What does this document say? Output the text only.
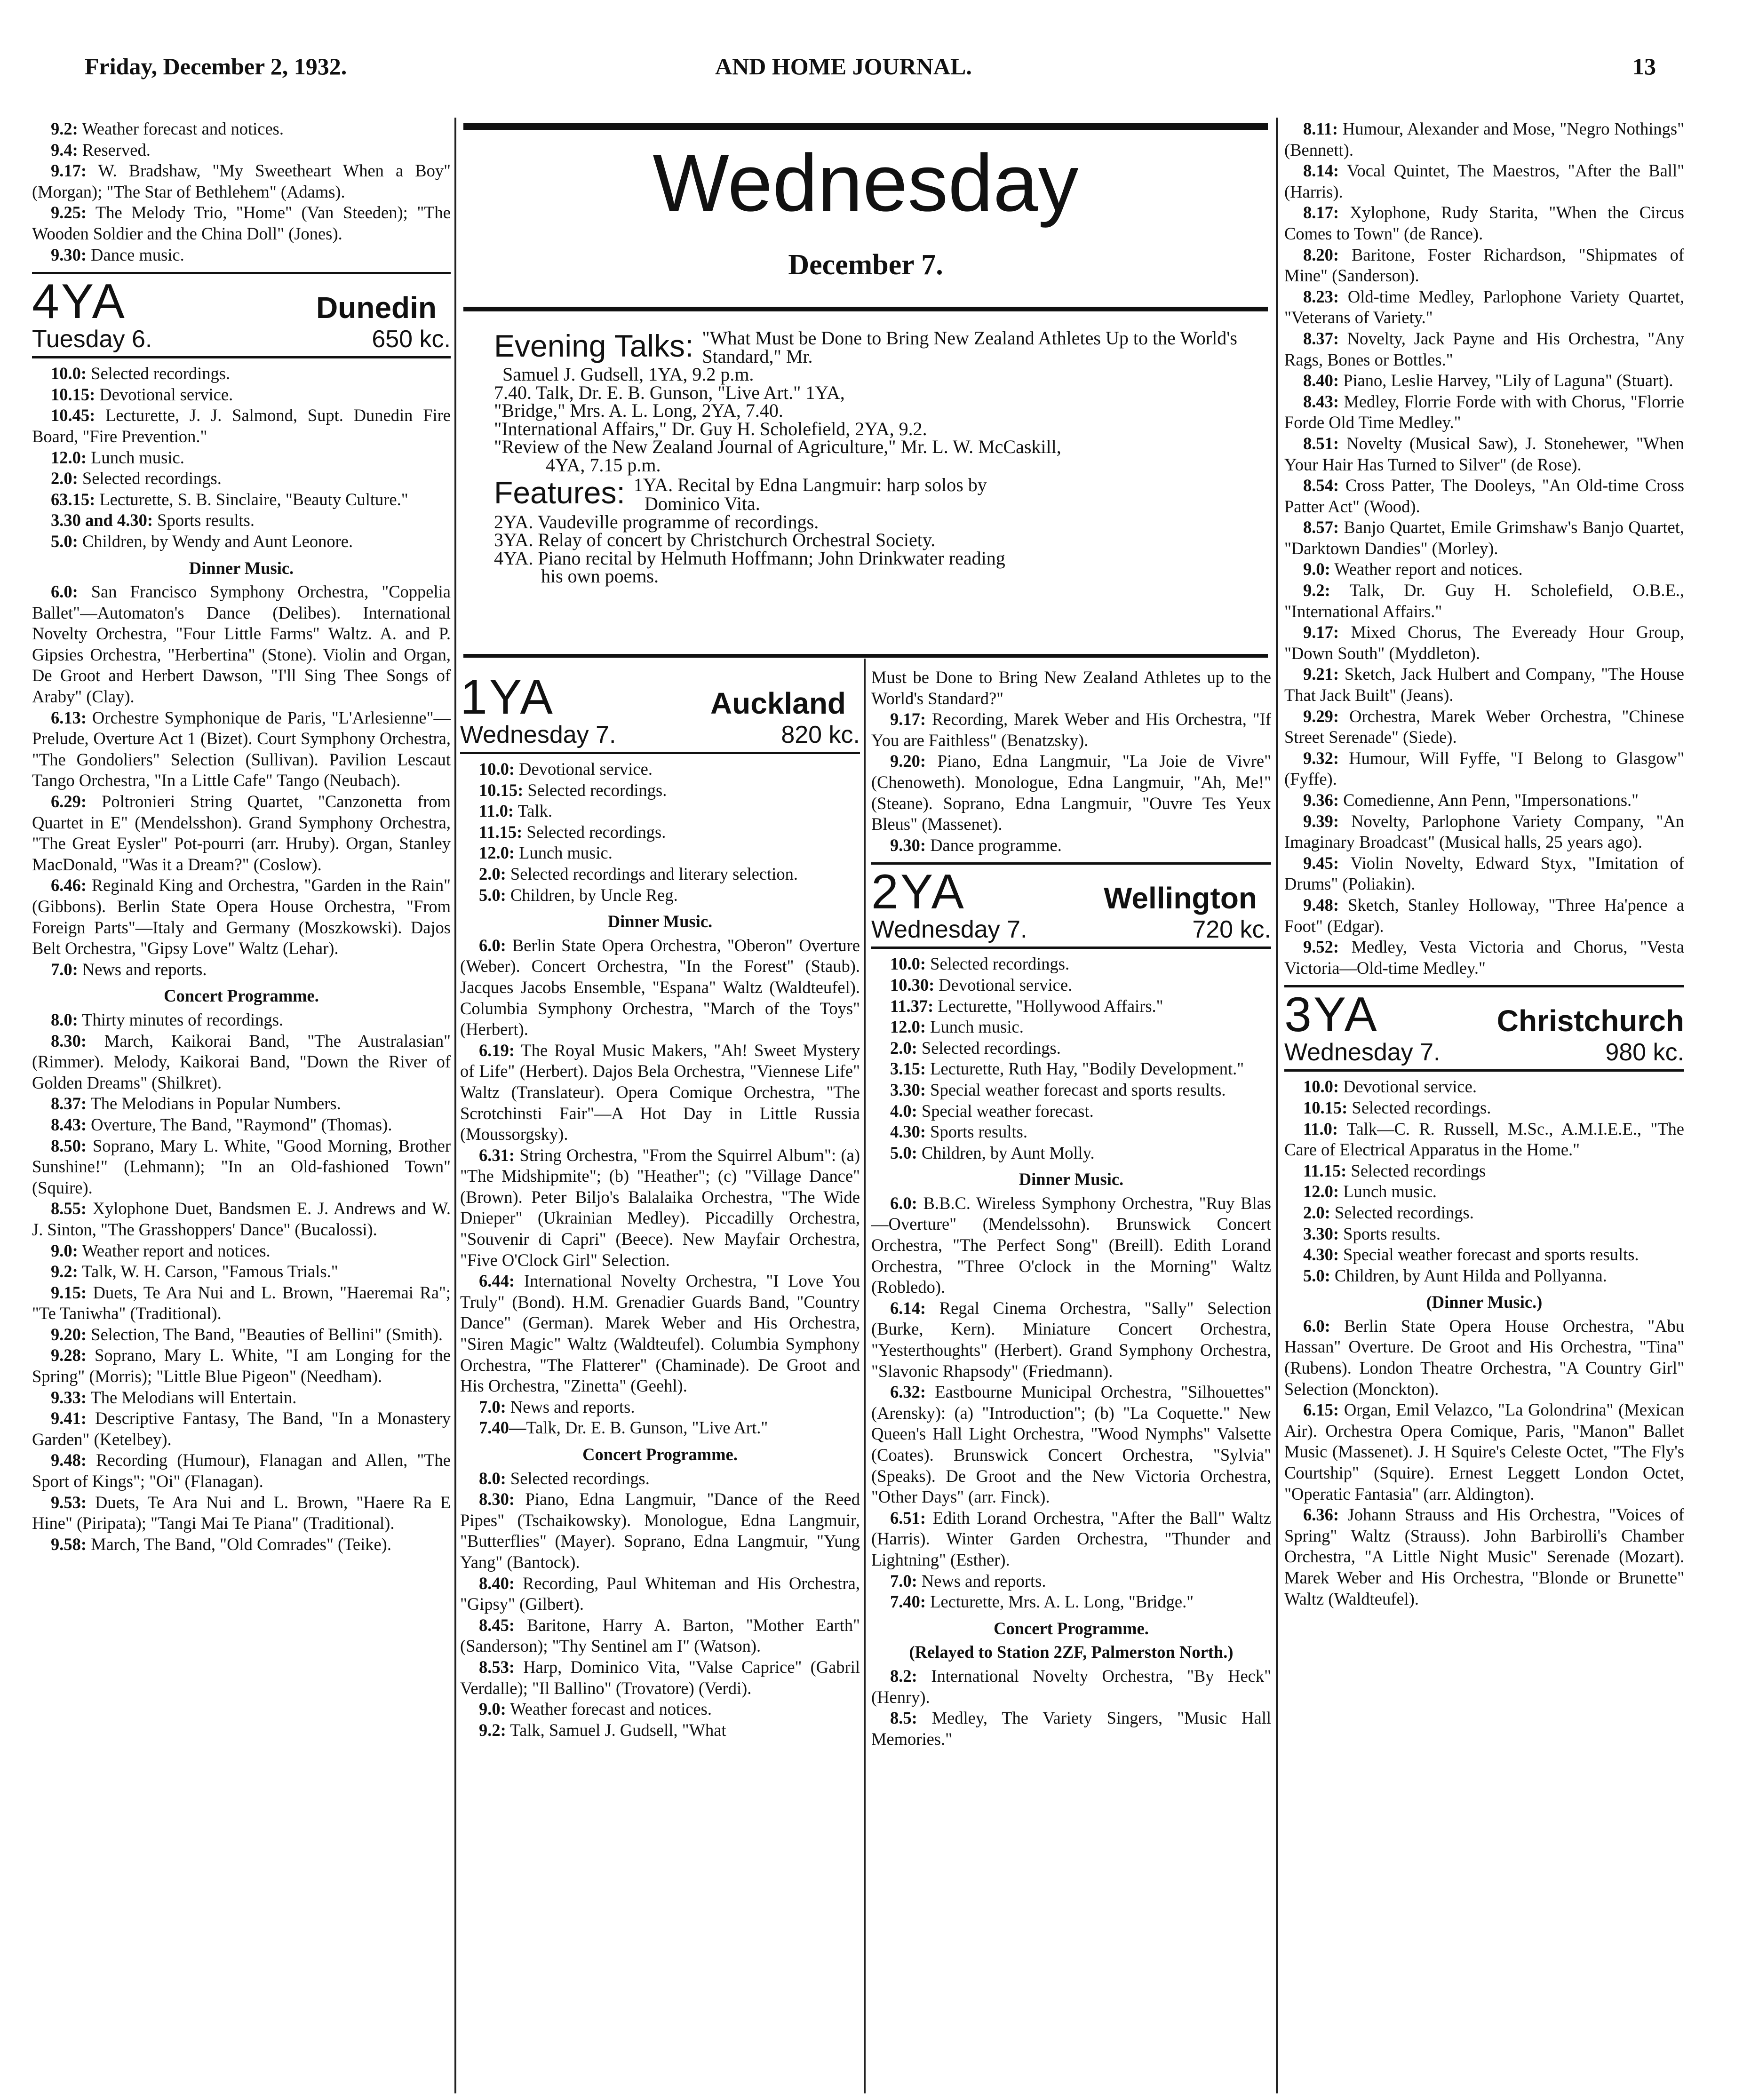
Friday, December 2, 1932.	AND HOME JOURNAL.	13
Wednesday
December 7.
Evening Talks: "What Must be Done to Bring New Zealand Athletes Up to the World's Standard," Mr.
Samuel J. Gudsell, 1YA, 9.2 p.m.
7.40. Talk, Dr. E. B. Gunson, "Live Art." 1YA,
"Bridge," Mrs. A. L. Long, 2YA, 7.40.
"International Affairs," Dr. Guy H. Scholefield, 2YA, 9.2.
"Review of the New Zealand Journal of Agriculture," Mr. L. W. McCaskill,
4YA, 7.15 p.m.
Features: 1YA. Recital by Edna Langmuir: harp solos by
Dominico Vita.
2YA. Vaudeville programme of recordings.
3YA. Relay of concert by Christchurch Orchestral Society.
4YA. Piano recital by Helmuth Hoffmann; John Drinkwater reading
his own poems.
9.2: Weather forecast and notices.
9.4: Reserved.
9.17: W. Bradshaw, "My Sweetheart When a Boy" (Morgan); "The Star of Bethlehem" (Adams).
9.25: The Melody Trio, "Home" (Van Steeden); "The Wooden Soldier and the China Doll" (Jones).
9.30: Dance music.
4YA	Dunedin
Tuesday 6.	650 kc.
10.0: Selected recordings.
10.15: Devotional service.
10.45: Lecturette, J. J. Salmond, Supt. Dunedin Fire Board, "Fire Prevention."
12.0: Lunch music.
2.0: Selected recordings.
63.15: Lecturette, S. B. Sinclaire, "Beauty Culture."
3.30 and 4.30: Sports results.
5.0: Children, by Wendy and Aunt Leonore.
Dinner Music.
6.0: San Francisco Symphony Orchestra, "Coppelia Ballet"—Automaton's Dance (Delibes). International Novelty Orchestra, "Four Little Farms" Waltz. A. and P. Gipsies Orchestra, "Herbertina" (Stone). Violin and Organ, De Groot and Herbert Dawson, "I'll Sing Thee Songs of Araby" (Clay).
6.13: Orchestre Symphonique de Paris, "L'Arlesienne"—Prelude, Overture Act 1 (Bizet). Court Symphony Orchestra, "The Gondoliers" Selection (Sullivan). Pavilion Lescaut Tango Orchestra, "In a Little Cafe" Tango (Neubach).
6.29: Poltronieri String Quartet, "Canzonetta from Quartet in E" (Mendelsshon). Grand Symphony Orchestra, "The Great Eysler" Pot-pourri (arr. Hruby). Organ, Stanley MacDonald, "Was it a Dream?" (Coslow).
6.46: Reginald King and Orchestra, "Garden in the Rain" (Gibbons). Berlin State Opera House Orchestra, "From Foreign Parts"—Italy and Germany (Moszkowski). Dajos Belt Orchestra, "Gipsy Love" Waltz (Lehar).
7.0: News and reports.
Concert Programme.
8.0: Thirty minutes of recordings.
8.30: March, Kaikorai Band, "The Australasian" (Rimmer). Melody, Kaikorai Band, "Down the River of Golden Dreams" (Shilkret).
8.37: The Melodians in Popular Numbers.
8.43: Overture, The Band, "Raymond" (Thomas).
8.50: Soprano, Mary L. White, "Good Morning, Brother Sunshine!" (Lehmann); "In an Old-fashioned Town" (Squire).
8.55: Xylophone Duet, Bandsmen E. J. Andrews and W. J. Sinton, "The Grasshoppers' Dance" (Bucalossi).
9.0: Weather report and notices.
9.2: Talk, W. H. Carson, "Famous Trials."
9.15: Duets, Te Ara Nui and L. Brown, "Haeremai Ra"; "Te Taniwha" (Traditional).
9.20: Selection, The Band, "Beauties of Bellini" (Smith).
9.28: Soprano, Mary L. White, "I am Longing for the Spring" (Morris); "Little Blue Pigeon" (Needham).
9.33: The Melodians will Entertain.
9.41: Descriptive Fantasy, The Band, "In a Monastery Garden" (Ketelbey).
9.48: Recording (Humour), Flanagan and Allen, "The Sport of Kings"; "Oi" (Flanagan).
9.53: Duets, Te Ara Nui and L. Brown, "Haere Ra E Hine" (Piripata); "Tangi Mai Te Piana" (Traditional).
9.58: March, The Band, "Old Comrades" (Teike).
1YA	Auckland
Wednesday 7.	820 kc.
10.0: Devotional service.
10.15: Selected recordings.
11.0: Talk.
11.15: Selected recordings.
12.0: Lunch music.
2.0: Selected recordings and literary selection.
5.0: Children, by Uncle Reg.
Dinner Music.
6.0: Berlin State Opera Orchestra, "Oberon" Overture (Weber). Concert Orchestra, "In the Forest" (Staub). Jacques Jacobs Ensemble, "Espana" Waltz (Waldteufel). Columbia Symphony Orchestra, "March of the Toys" (Herbert).
6.19: The Royal Music Makers, "Ah! Sweet Mystery of Life" (Herbert). Dajos Bela Orchestra, "Viennese Life" Waltz (Translateur). Opera Comique Orchestra, "The Scrotchinsti Fair"—A Hot Day in Little Russia (Moussorgsky).
6.31: String Orchestra, "From the Squirrel Album": (a) "The Midshipmite"; (b) "Heather"; (c) "Village Dance" (Brown). Peter Biljo's Balalaika Orchestra, "The Wide Dnieper" (Ukrainian Medley). Piccadilly Orchestra, "Souvenir di Capri" (Beece). New Mayfair Orchestra, "Five O'Clock Girl" Selection.
6.44: International Novelty Orchestra, "I Love You Truly" (Bond). H.M. Grenadier Guards Band, "Country Dance" (German). Marek Weber and His Orchestra, "Siren Magic" Waltz (Waldteufel). Columbia Symphony Orchestra, "The Flatterer" (Chaminade). De Groot and His Orchestra, "Zinetta" (Geehl).
7.0: News and reports.
7.40—Talk, Dr. E. B. Gunson, "Live Art."
Concert Programme.
8.0: Selected recordings.
8.30: Piano, Edna Langmuir, "Dance of the Reed Pipes" (Tschaikowsky). Monologue, Edna Langmuir, "Butterflies" (Mayer). Soprano, Edna Langmuir, "Yung Yang" (Bantock).
8.40: Recording, Paul Whiteman and His Orchestra, "Gipsy" (Gilbert).
8.45: Baritone, Harry A. Barton, "Mother Earth" (Sanderson); "Thy Sentinel am I" (Watson).
8.53: Harp, Dominico Vita, "Valse Caprice" (Gabril Verdalle); "Il Ballino" (Trovatore) (Verdi).
9.0: Weather forecast and notices.
9.2: Talk, Samuel J. Gudsell, "What
Must be Done to Bring New Zealand Athletes up to the World's Standard?"
9.17: Recording, Marek Weber and His Orchestra, "If You are Faithless" (Benatzsky).
9.20: Piano, Edna Langmuir, "La Joie de Vivre" (Chenoweth). Monologue, Edna Langmuir, "Ah, Me!" (Steane). Soprano, Edna Langmuir, "Ouvre Tes Yeux Bleus" (Massenet).
9.30: Dance programme.
2YA	Wellington
Wednesday 7.	720 kc.
10.0: Selected recordings.
10.30: Devotional service.
11.37: Lecturette, "Hollywood Affairs."
12.0: Lunch music.
2.0: Selected recordings.
3.15: Lecturette, Ruth Hay, "Bodily Development."
3.30: Special weather forecast and sports results.
4.0: Special weather forecast.
4.30: Sports results.
5.0: Children, by Aunt Molly.
Dinner Music.
6.0: B.B.C. Wireless Symphony Orchestra, "Ruy Blas—Overture" (Mendelssohn). Brunswick Concert Orchestra, "The Perfect Song" (Breill). Edith Lorand Orchestra, "Three O'clock in the Morning" Waltz (Robledo).
6.14: Regal Cinema Orchestra, "Sally" Selection (Burke, Kern). Miniature Concert Orchestra, "Yesterthoughts" (Herbert). Grand Symphony Orchestra, "Slavonic Rhapsody" (Friedmann).
6.32: Eastbourne Municipal Orchestra, "Silhouettes" (Arensky): (a) "Introduction"; (b) "La Coquette." New Queen's Hall Light Orchestra, "Wood Nymphs" Valsette (Coates). Brunswick Concert Orchestra, "Sylvia" (Speaks). De Groot and the New Victoria Orchestra, "Other Days" (arr. Finck).
6.51: Edith Lorand Orchestra, "After the Ball" Waltz (Harris). Winter Garden Orchestra, "Thunder and Lightning" (Esther).
7.0: News and reports.
7.40: Lecturette, Mrs. A. L. Long, "Bridge."
Concert Programme.
(Relayed to Station 2ZF, Palmerston North.)
8.2: International Novelty Orchestra, "By Heck" (Henry).
8.5: Medley, The Variety Singers, "Music Hall Memories."
8.11: Humour, Alexander and Mose, "Negro Nothings" (Bennett).
8.14: Vocal Quintet, The Maestros, "After the Ball" (Harris).
8.17: Xylophone, Rudy Starita, "When the Circus Comes to Town" (de Rance).
8.20: Baritone, Foster Richardson, "Shipmates of Mine" (Sanderson).
8.23: Old-time Medley, Parlophone Variety Quartet, "Veterans of Variety."
8.37: Novelty, Jack Payne and His Orchestra, "Any Rags, Bones or Bottles."
8.40: Piano, Leslie Harvey, "Lily of Laguna" (Stuart).
8.43: Medley, Florrie Forde with with Chorus, "Florrie Forde Old Time Medley."
8.51: Novelty (Musical Saw), J. Stonehewer, "When Your Hair Has Turned to Silver" (de Rose).
8.54: Cross Patter, The Dooleys, "An Old-time Cross Patter Act" (Wood).
8.57: Banjo Quartet, Emile Grimshaw's Banjo Quartet, "Darktown Dandies" (Morley).
9.0: Weather report and notices.
9.2: Talk, Dr. Guy H. Scholefield, O.B.E., "International Affairs."
9.17: Mixed Chorus, The Eveready Hour Group, "Down South" (Myddleton).
9.21: Sketch, Jack Hulbert and Company, "The House That Jack Built" (Jeans).
9.29: Orchestra, Marek Weber Orchestra, "Chinese Street Serenade" (Siede).
9.32: Humour, Will Fyffe, "I Belong to Glasgow" (Fyffe).
9.36: Comedienne, Ann Penn, "Impersonations."
9.39: Novelty, Parlophone Variety Company, "An Imaginary Broadcast" (Musical halls, 25 years ago).
9.45: Violin Novelty, Edward Styx, "Imitation of Drums" (Poliakin).
9.48: Sketch, Stanley Holloway, "Three Ha'pence a Foot" (Edgar).
9.52: Medley, Vesta Victoria and Chorus, "Vesta Victoria—Old-time Medley."
3YA	Christchurch
Wednesday 7.	980 kc.
10.0: Devotional service.
10.15: Selected recordings.
11.0: Talk—C. R. Russell, M.Sc., A.M.I.E.E., "The Care of Electrical Apparatus in the Home."
11.15: Selected recordings
12.0: Lunch music.
2.0: Selected recordings.
3.30: Sports results.
4.30: Special weather forecast and sports results.
5.0: Children, by Aunt Hilda and Pollyanna.
(Dinner Music.)
6.0: Berlin State Opera House Orchestra, "Abu Hassan" Overture. De Groot and His Orchestra, "Tina" (Rubens). London Theatre Orchestra, "A Country Girl" Selection (Monckton).
6.15: Organ, Emil Velazco, "La Golondrina" (Mexican Air). Orchestra Opera Comique, Paris, "Manon" Ballet Music (Massenet). J. H Squire's Celeste Octet, "The Fly's Courtship" (Squire). Ernest Leggett London Octet, "Operatic Fantasia" (arr. Aldington).
6.36: Johann Strauss and His Orchestra, "Voices of Spring" Waltz (Strauss). John Barbirolli's Chamber Orchestra, "A Little Night Music" Serenade (Mozart). Marek Weber and His Orchestra, "Blonde or Brunette" Waltz (Waldteufel).
